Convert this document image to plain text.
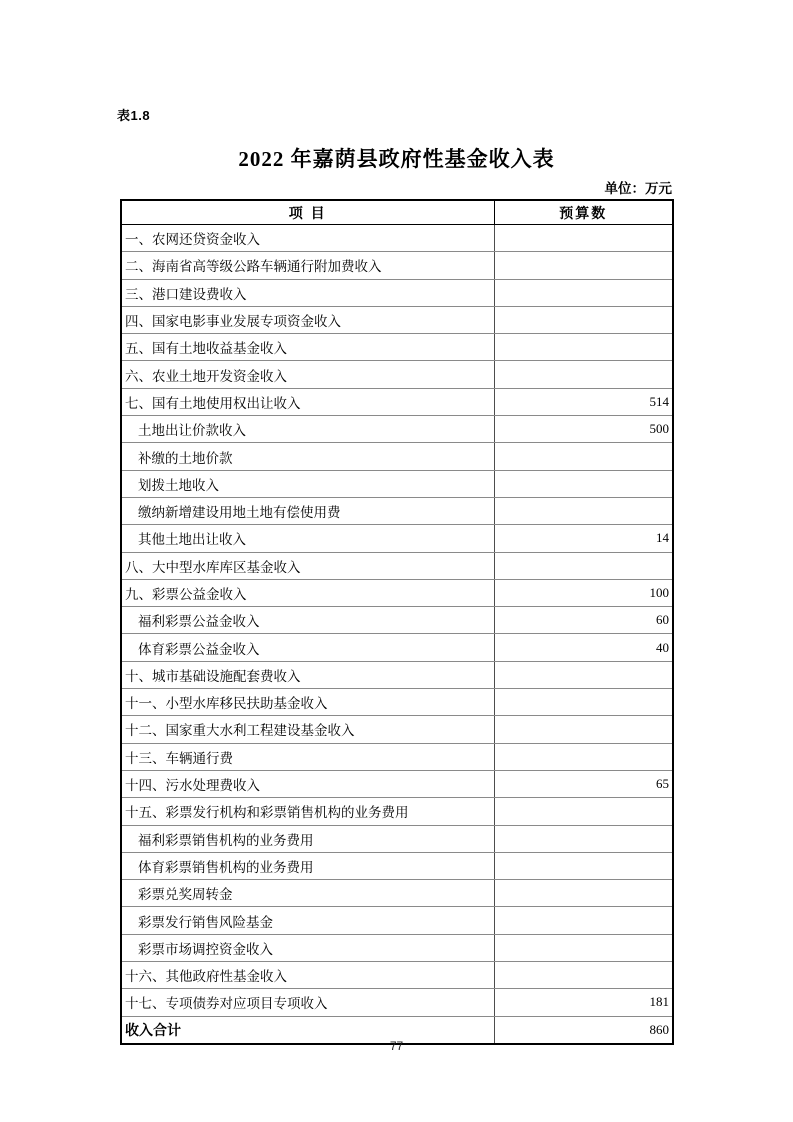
表1.8
2022 年嘉荫县政府性基金收入表
单位：万元
项 目	预算数
一、农网还贷资金收入	
二、海南省高等级公路车辆通行附加费收入	
三、港口建设费收入	
四、国家电影事业发展专项资金收入	
五、国有土地收益基金收入	
六、农业土地开发资金收入	
七、国有土地使用权出让收入	514
土地出让价款收入	500
补缴的土地价款	
划拨土地收入	
缴纳新增建设用地土地有偿使用费	
其他土地出让收入	14
八、大中型水库库区基金收入	
九、彩票公益金收入	100
福利彩票公益金收入	60
体育彩票公益金收入	40
十、城市基础设施配套费收入	
十一、小型水库移民扶助基金收入	
十二、国家重大水利工程建设基金收入	
十三、车辆通行费	
十四、污水处理费收入	65
十五、彩票发行机构和彩票销售机构的业务费用	
福利彩票销售机构的业务费用	
体育彩票销售机构的业务费用	
彩票兑奖周转金	
彩票发行销售风险基金	
彩票市场调控资金收入	
十六、其他政府性基金收入	
十七、专项债券对应项目专项收入	181
收入合计	860
77
